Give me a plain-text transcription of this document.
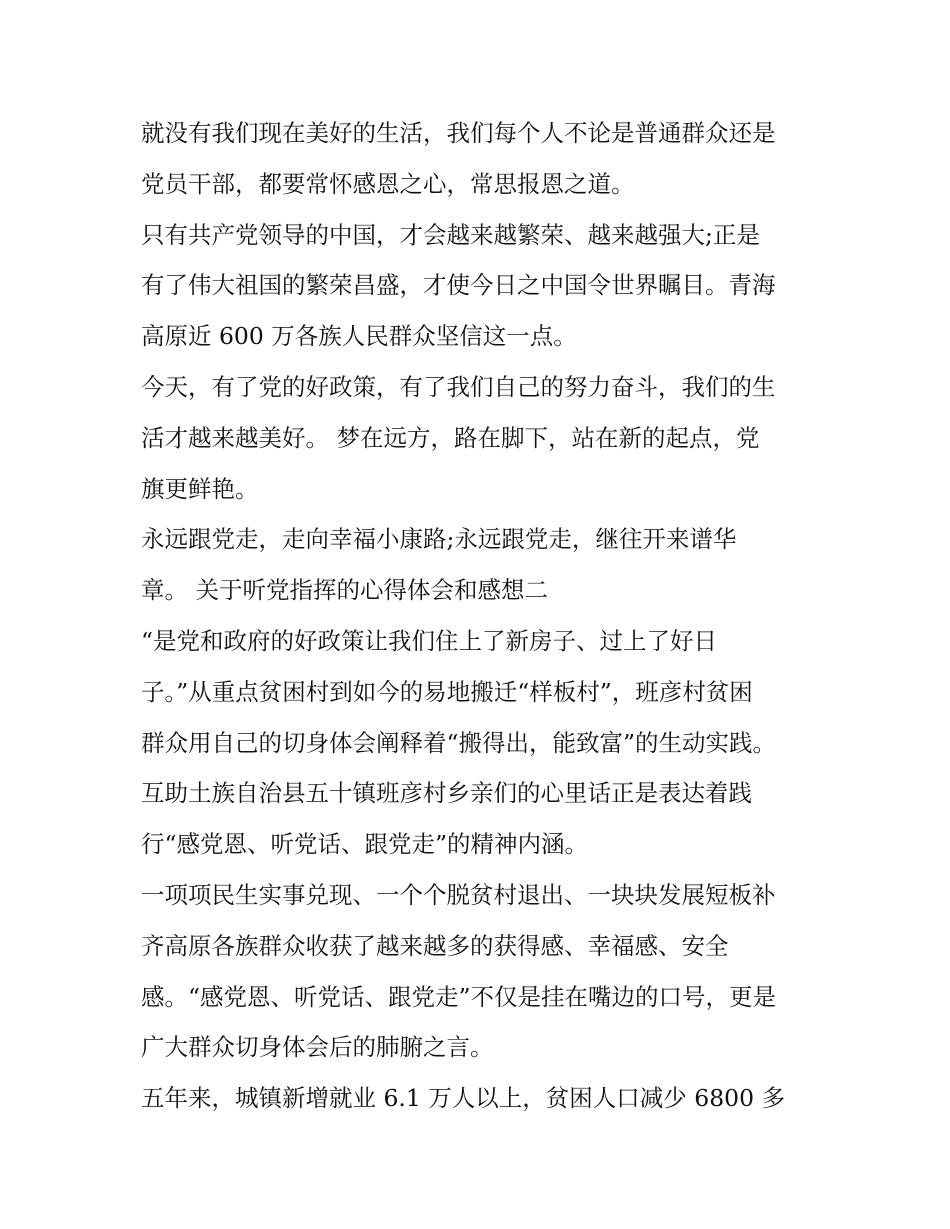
就没有我们现在美好的生活，我们每个人不论是普通群众还是
党员干部，都要常怀感恩之心，常思报恩之道。
只有共产党领导的中国，才会越来越繁荣、越来越强大;正是
有了伟大祖国的繁荣昌盛，才使今日之中国令世界瞩目。青海
高原近 600 万各族人民群众坚信这一点。
今天，有了党的好政策，有了我们自己的努力奋斗，我们的生
活才越来越美好。 梦在远方，路在脚下，站在新的起点，党
旗更鲜艳。
永远跟党走，走向幸福小康路;永远跟党走，继往开来谱华
章。 关于听党指挥的心得体会和感想二
“是党和政府的好政策让我们住上了新房子、过上了好日
子。”从重点贫困村到如今的易地搬迁“样板村”，班彦村贫困
群众用自己的切身体会阐释着“搬得出，能致富”的生动实践。
互助土族自治县五十镇班彦村乡亲们的心里话正是表达着践
行“感党恩、听党话、跟党走”的精神内涵。
一项项民生实事兑现、一个个脱贫村退出、一块块发展短板补
齐高原各族群众收获了越来越多的获得感、幸福感、安全
感。“感党恩、听党话、跟党走”不仅是挂在嘴边的口号，更是
广大群众切身体会后的肺腑之言。
五年来，城镇新增就业 6.1 万人以上，贫困人口减少 6800 多
